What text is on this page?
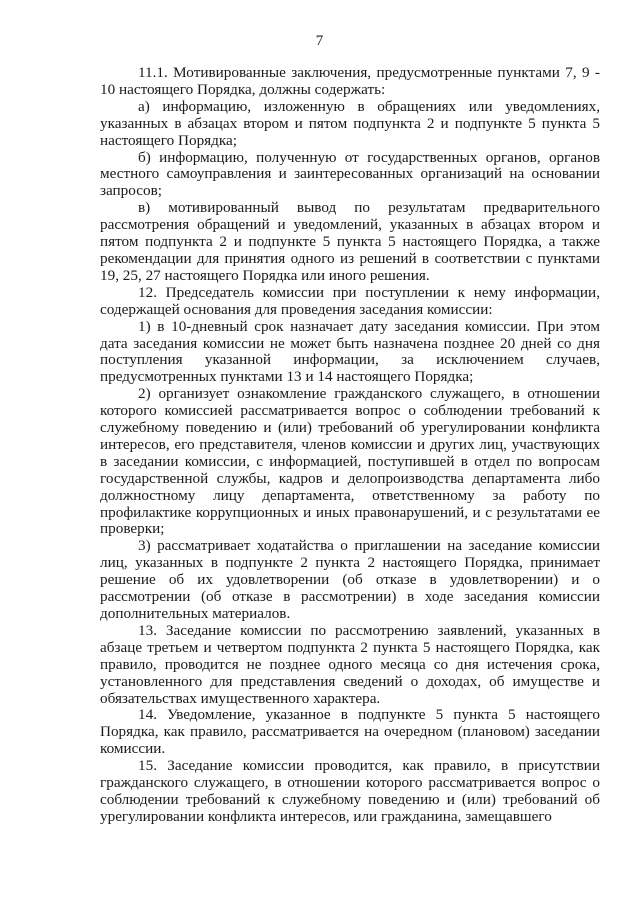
7

11.1. Мотивированные заключения, предусмотренные пунктами 7, 9 - 10 настоящего Порядка, должны содержать:

а) информацию, изложенную в обращениях или уведомлениях, указанных в абзацах втором и пятом подпункта 2 и подпункте 5 пункта 5 настоящего Порядка;

б) информацию, полученную от государственных органов, органов местного самоуправления и заинтересованных организаций на основании запросов;

в) мотивированный вывод по результатам предварительного рассмотрения обращений и уведомлений, указанных в абзацах втором и пятом подпункта 2 и подпункте 5 пункта 5 настоящего Порядка, а также рекомендации для принятия одного из решений в соответствии с пунктами 19, 25, 27 настоящего Порядка или иного решения.

12. Председатель комиссии при поступлении к нему информации, содержащей основания для проведения заседания комиссии:

1) в 10-дневный срок назначает дату заседания комиссии. При этом дата заседания комиссии не может быть назначена позднее 20 дней со дня поступления указанной информации, за исключением случаев, предусмотренных пунктами 13 и 14 настоящего Порядка;

2) организует ознакомление гражданского служащего, в отношении которого комиссией рассматривается вопрос о соблюдении требований к служебному поведению и (или) требований об урегулировании конфликта интересов, его представителя, членов комиссии и других лиц, участвующих в заседании комиссии, с информацией, поступившей в отдел по вопросам государственной службы, кадров и делопроизводства департамента либо должностному лицу департамента, ответственному за работу по профилактике коррупционных и иных правонарушений, и с результатами ее проверки;

3) рассматривает ходатайства о приглашении на заседание комиссии лиц, указанных в подпункте 2 пункта 2 настоящего Порядка, принимает решение об их удовлетворении (об отказе в удовлетворении) и о рассмотрении (об отказе в рассмотрении) в ходе заседания комиссии дополнительных материалов.

13. Заседание комиссии по рассмотрению заявлений, указанных в абзаце третьем и четвертом подпункта 2 пункта 5 настоящего Порядка, как правило, проводится не позднее одного месяца со дня истечения срока, установленного для представления сведений о доходах, об имуществе и обязательствах имущественного характера.

14. Уведомление, указанное в подпункте 5 пункта 5 настоящего Порядка, как правило, рассматривается на очередном (плановом) заседании комиссии.

15. Заседание комиссии проводится, как правило, в присутствии гражданского служащего, в отношении которого рассматривается вопрос о соблюдении требований к служебному поведению и (или) требований об урегулировании конфликта интересов, или гражданина, замещавшего
